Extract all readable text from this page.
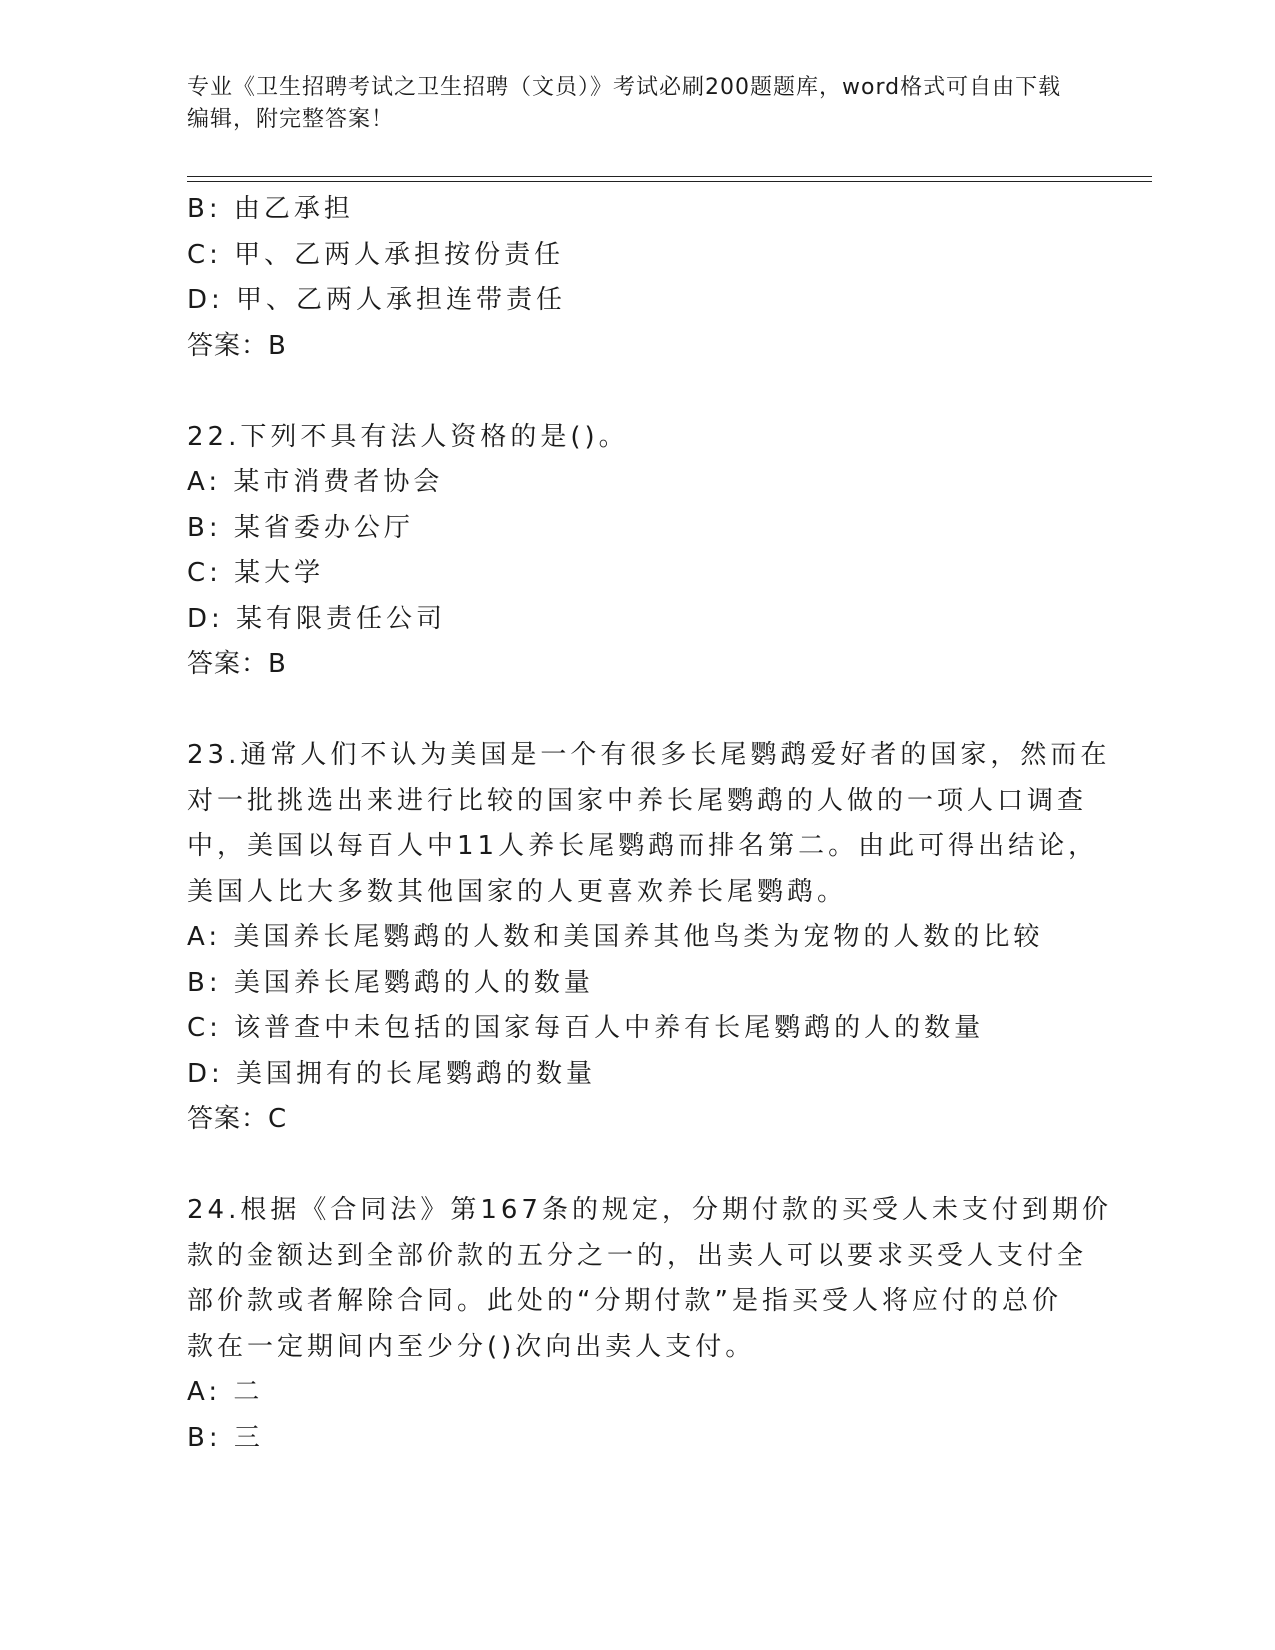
专业《卫生招聘考试之卫生招聘（文员）》考试必刷200题题库，word格式可自由下载编辑，附完整答案！
B: 由乙承担
C: 甲、乙两人承担按份责任
D: 甲、乙两人承担连带责任
答案：B
22.下列不具有法人资格的是()。
A: 某市消费者协会
B: 某省委办公厅
C: 某大学
D: 某有限责任公司
答案：B
23.通常人们不认为美国是一个有很多长尾鹦鹉爱好者的国家，然而在
对一批挑选出来进行比较的国家中养长尾鹦鹉的人做的一项人口调查
中，美国以每百人中11人养长尾鹦鹉而排名第二。由此可得出结论，
美国人比大多数其他国家的人更喜欢养长尾鹦鹉。
A: 美国养长尾鹦鹉的人数和美国养其他鸟类为宠物的人数的比较
B: 美国养长尾鹦鹉的人的数量
C: 该普查中未包括的国家每百人中养有长尾鹦鹉的人的数量
D: 美国拥有的长尾鹦鹉的数量
答案：C
24.根据《合同法》第167条的规定，分期付款的买受人未支付到期价
款的金额达到全部价款的五分之一的，出卖人可以要求买受人支付全
部价款或者解除合同。此处的“分期付款”是指买受人将应付的总价
款在一定期间内至少分()次向出卖人支付。
A: 二
B: 三
